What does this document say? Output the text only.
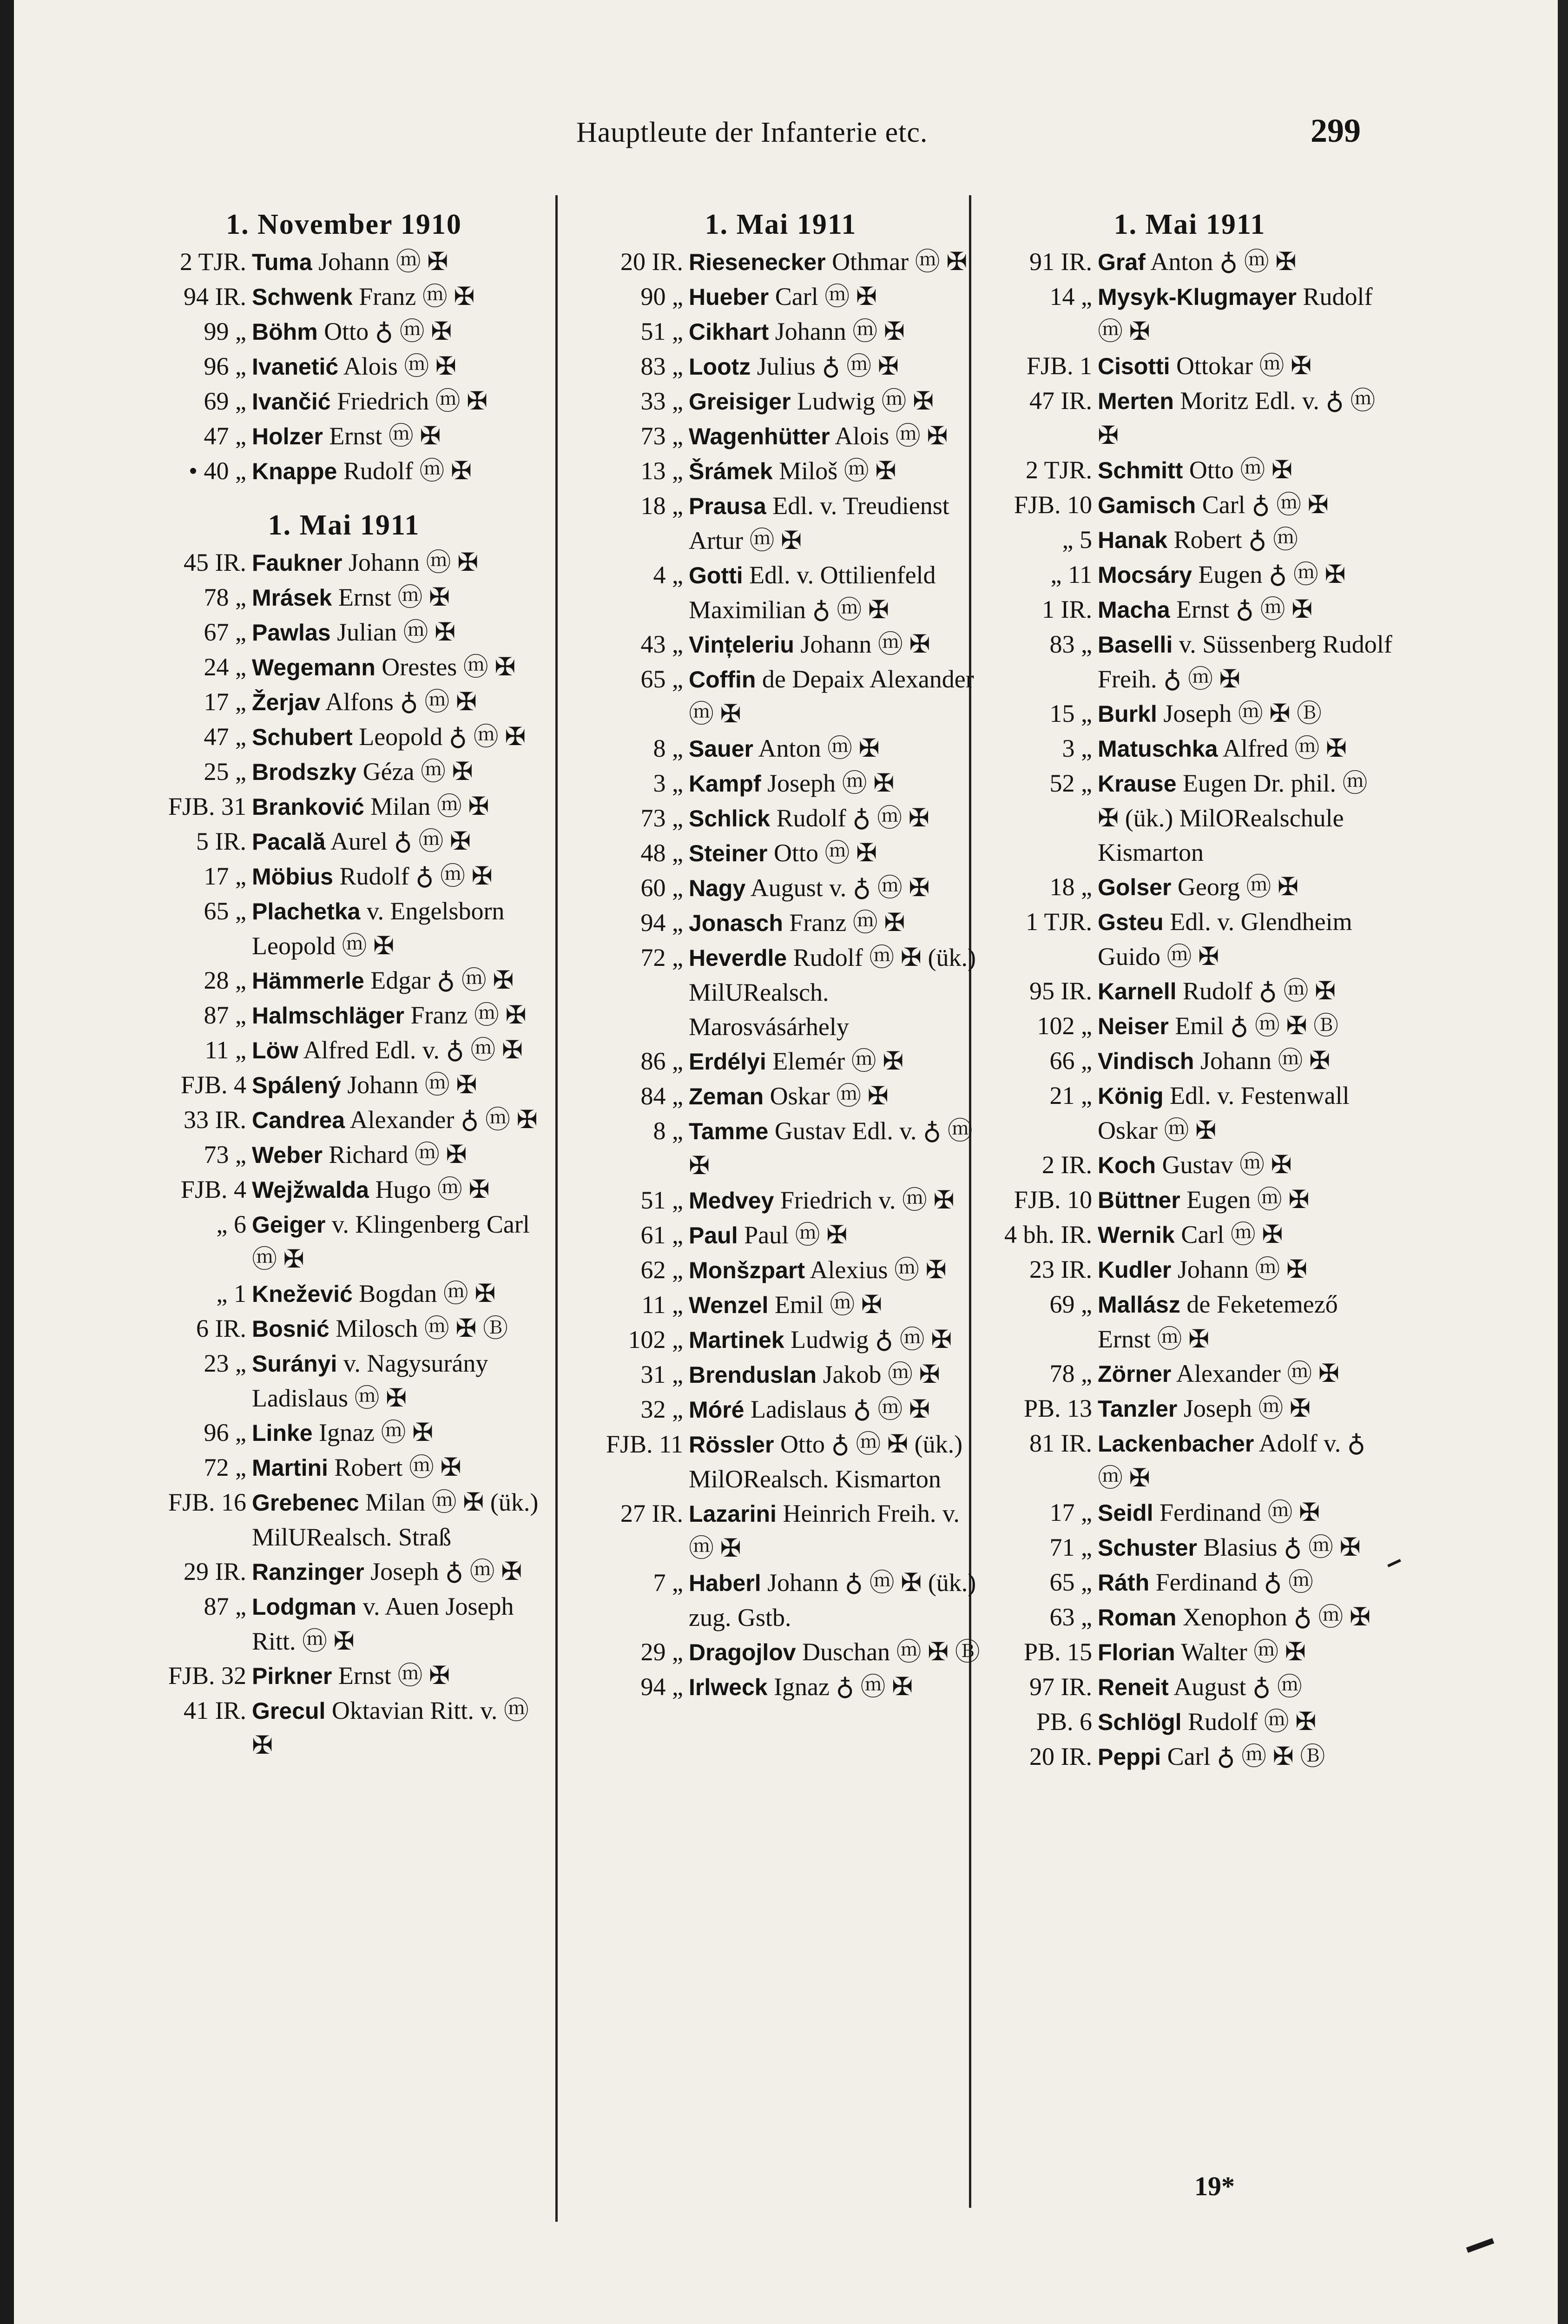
Hauptleute der Infanterie etc.	299
1. November 1910
2 TJR. Tuma Johann ⓜ ✠
94 IR. Schwenk Franz ⓜ ✠
99 „ Böhm Otto ♁ ⓜ ✠
96 „ Ivanetić Alois ⓜ ✠
69 „ Ivančić Friedrich ⓜ ✠
47 „ Holzer Ernst ⓜ ✠
• 40 „ Knappe Rudolf ⓜ ✠
1. Mai 1911
45 IR. Faukner Johann ⓜ ✠
78 „ Mrásek Ernst ⓜ ✠
67 „ Pawlas Julian ⓜ ✠
24 „ Wegemann Orestes ⓜ ✠
17 „ Žerjav Alfons ♁ ⓜ ✠
47 „ Schubert Leopold ♁ ⓜ ✠
25 „ Brodszky Géza ⓜ ✠
FJB. 31 Branković Milan ⓜ ✠
5 IR. Pacală Aurel ♁ ⓜ ✠
17 „ Möbius Rudolf ♁ ⓜ ✠
65 „ Plachetka v. Engelsborn Leopold ⓜ ✠
28 „ Hämmerle Edgar ♁ ⓜ ✠
87 „ Halmschläger Franz ⓜ ✠
11 „ Löw Alfred Edl. v. ♁ ⓜ ✠
FJB. 4 Spálený Johann ⓜ ✠
33 IR. Candrea Alexander ♁ ⓜ ✠
73 „ Weber Richard ⓜ ✠
FJB. 4 Wejžwalda Hugo ⓜ ✠
„ 6 Geiger v. Klingenberg Carl ⓜ ✠
„ 1 Knežević Bogdan ⓜ ✠
6 IR. Bosnić Milosch ⓜ ✠ Ⓑ
23 „ Surányi v. Nagysurány Ladislaus ⓜ ✠
96 „ Linke Ignaz ⓜ ✠
72 „ Martini Robert ⓜ ✠
FJB. 16 Grebenec Milan ⓜ ✠ (ük.) MilURealsch. Straß
29 IR. Ranzinger Joseph ♁ ⓜ ✠
87 „ Lodgman v. Auen Joseph Ritt. ⓜ ✠
FJB. 32 Pirkner Ernst ⓜ ✠
41 IR. Grecul Oktavian Ritt. v. ⓜ ✠
1. Mai 1911
20 IR. Riesenecker Othmar ⓜ ✠
90 „ Hueber Carl ⓜ ✠
51 „ Cikhart Johann ⓜ ✠
83 „ Lootz Julius ♁ ⓜ ✠
33 „ Greisiger Ludwig ⓜ ✠
73 „ Wagenhütter Alois ⓜ ✠
13 „ Šrámek Miloš ⓜ ✠
18 „ Prausa Edl. v. Treudienst Artur ⓜ ✠
4 „ Gotti Edl. v. Ottilienfeld Maximilian ♁ ⓜ ✠
43 „ Vințeleriu Johann ⓜ ✠
65 „ Coffin de Depaix Alexander ⓜ ✠
8 „ Sauer Anton ⓜ ✠
3 „ Kampf Joseph ⓜ ✠
73 „ Schlick Rudolf ♁ ⓜ ✠
48 „ Steiner Otto ⓜ ✠
60 „ Nagy August v. ♁ ⓜ ✠
94 „ Jonasch Franz ⓜ ✠
72 „ Heverdle Rudolf ⓜ ✠ (ük.) MilURealsch. Marosvásárhely
86 „ Erdélyi Elemér ⓜ ✠
84 „ Zeman Oskar ⓜ ✠
8 „ Tamme Gustav Edl. v. ♁ ⓜ ✠
51 „ Medvey Friedrich v. ⓜ ✠
61 „ Paul Paul ⓜ ✠
62 „ Monšzpart Alexius ⓜ ✠
11 „ Wenzel Emil ⓜ ✠
102 „ Martinek Ludwig ♁ ⓜ ✠
31 „ Brenduslan Jakob ⓜ ✠
32 „ Móré Ladislaus ♁ ⓜ ✠
FJB. 11 Rössler Otto ♁ ⓜ ✠ (ük.) MilORealsch. Kismarton
27 IR. Lazarini Heinrich Freih. v. ⓜ ✠
7 „ Haberl Johann ♁ ⓜ ✠ (ük.) zug. Gstb.
29 „ Dragojlov Duschan ⓜ ✠ Ⓑ
94 „ Irlweck Ignaz ♁ ⓜ ✠
1. Mai 1911
91 IR. Graf Anton ♁ ⓜ ✠
14 „ Mysyk-Klugmayer Rudolf ⓜ ✠
FJB. 1 Cisotti Ottokar ⓜ ✠
47 IR. Merten Moritz Edl. v. ♁ ⓜ ✠
2 TJR. Schmitt Otto ⓜ ✠
FJB. 10 Gamisch Carl ♁ ⓜ ✠
„ 5 Hanak Robert ♁ ⓜ
„ 11 Mocsáry Eugen ♁ ⓜ ✠
1 IR. Macha Ernst ♁ ⓜ ✠
83 „ Baselli v. Süssenberg Rudolf Freih. ♁ ⓜ ✠
15 „ Burkl Joseph ⓜ ✠ Ⓑ
3 „ Matuschka Alfred ⓜ ✠
52 „ Krause Eugen Dr. phil. ⓜ ✠ (ük.) MilORealschule Kismarton
18 „ Golser Georg ⓜ ✠
1 TJR. Gsteu Edl. v. Glendheim Guido ⓜ ✠
95 IR. Karnell Rudolf ♁ ⓜ ✠
102 „ Neiser Emil ♁ ⓜ ✠ Ⓑ
66 „ Vindisch Johann ⓜ ✠
21 „ König Edl. v. Festenwall Oskar ⓜ ✠
2 IR. Koch Gustav ⓜ ✠
FJB. 10 Büttner Eugen ⓜ ✠
4 bh. IR. Wernik Carl ⓜ ✠
23 IR. Kudler Johann ⓜ ✠
69 „ Mallász de Feketemező Ernst ⓜ ✠
78 „ Zörner Alexander ⓜ ✠
PB. 13 Tanzler Joseph ⓜ ✠
81 IR. Lackenbacher Adolf v. ♁ ⓜ ✠
17 „ Seidl Ferdinand ⓜ ✠
71 „ Schuster Blasius ♁ ⓜ ✠
65 „ Ráth Ferdinand ♁ ⓜ
63 „ Roman Xenophon ♁ ⓜ ✠
PB. 15 Florian Walter ⓜ ✠
97 IR. Reneit August ♁ ⓜ
PB. 6 Schlögl Rudolf ⓜ ✠
20 IR. Peppi Carl ♁ ⓜ ✠ Ⓑ
19*
